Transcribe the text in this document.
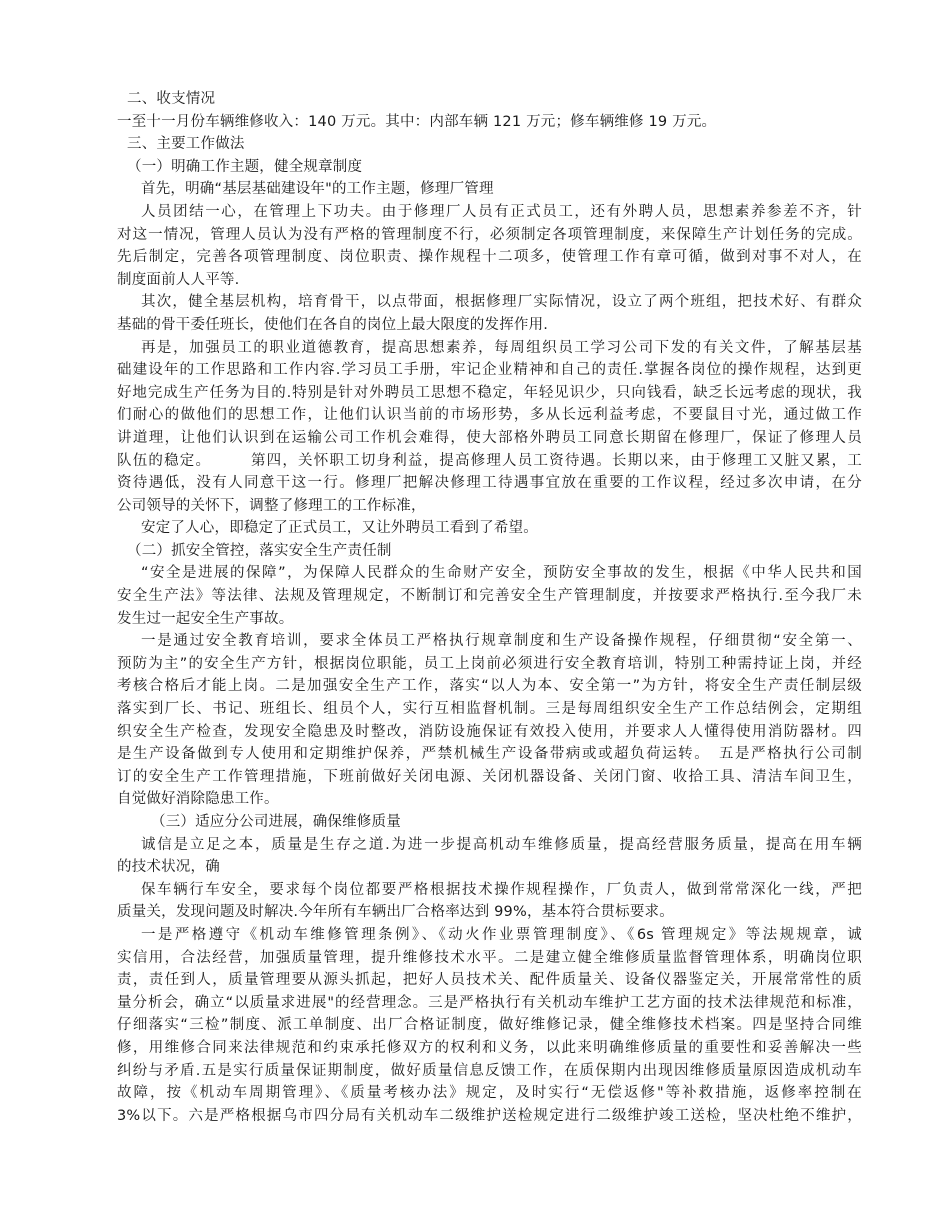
二、收支情况
一至十一月份车辆维修收入：140 万元。其中：内部车辆 121 万元；修车辆维修 19 万元。
三、主要工作做法
（一）明确工作主题，健全规章制度
首先，明确“基层基础建设年"的工作主题，修理厂管理
人员团结一心，在管理上下功夫。由于修理厂人员有正式员工，还有外聘人员，思想素养参差不齐，针
对这一情况，管理人员认为没有严格的管理制度不行，必须制定各项管理制度，来保障生产计划任务的完成。
先后制定，完善各项管理制度、岗位职责、操作规程十二项多，使管理工作有章可循，做到对事不对人，在
制度面前人人平等.
其次，健全基层机构，培育骨干，以点带面，根据修理厂实际情况，设立了两个班组，把技术好、有群众
基础的骨干委任班长，使他们在各自的岗位上最大限度的发挥作用.
再是，加强员工的职业道德教育，提高思想素养，每周组织员工学习公司下发的有关文件，了解基层基
础建设年的工作思路和工作内容.学习员工手册，牢记企业精神和自己的责任.掌握各岗位的操作规程，达到更
好地完成生产任务为目的.特别是针对外聘员工思想不稳定，年轻见识少，只向钱看，缺乏长远考虑的现状，我
们耐心的做他们的思想工作，让他们认识当前的市场形势，多从长远利益考虑，不要鼠目寸光，通过做工作
讲道理，让他们认识到在运输公司工作机会难得，使大部格外聘员工同意长期留在修理厂，保证了修理人员
队伍的稳定。　　　第四，关怀职工切身利益，提高修理人员工资待遇。长期以来，由于修理工又脏又累，工
资待遇低，没有人同意干这一行。修理厂把解决修理工待遇事宜放在重要的工作议程，经过多次申请，在分
公司领导的关怀下，调整了修理工的工作标准，
安定了人心，即稳定了正式员工，又让外聘员工看到了希望。
（二）抓安全管控，落实安全生产责任制
“安全是进展的保障”，为保障人民群众的生命财产安全，预防安全事故的发生，根据《中华人民共和国
安全生产法》等法律、法规及管理规定，不断制订和完善安全生产管理制度，并按要求严格执行.至今我厂未
发生过一起安全生产事故。
一是通过安全教育培训，要求全体员工严格执行规章制度和生产设备操作规程，仔细贯彻“安全第一、
预防为主”的安全生产方针，根据岗位职能，员工上岗前必须进行安全教育培训，特别工种需持证上岗，并经
考核合格后才能上岗。二是加强安全生产工作，落实“以人为本、安全第一”为方针，将安全生产责任制层级
落实到厂长、书记、班组长、组员个人，实行互相监督机制。三是每周组织安全生产工作总结例会，定期组
织安全生产检查，发现安全隐患及时整改，消防设施保证有效投入使用，并要求人人懂得使用消防器材。四
是生产设备做到专人使用和定期维护保养，严禁机械生产设备带病或或超负荷运转。　五是严格执行公司制
订的安全生产工作管理措施，下班前做好关闭电源、关闭机器设备、关闭门窗、收拾工具、清洁车间卫生，
自觉做好消除隐患工作。
（三）适应分公司进展，确保维修质量
诚信是立足之本，质量是生存之道.为进一步提高机动车维修质量，提高经营服务质量，提高在用车辆
的技术状况，确
保车辆行车安全，要求每个岗位都要严格根据技术操作规程操作，厂负责人，做到常常深化一线，严把
质量关，发现问题及时解决.今年所有车辆出厂合格率达到 99%，基本符合贯标要求。
一是严格遵守《机动车维修管理条例》、《动火作业票管理制度》、《6s 管理规定》等法规规章，诚
实信用，合法经营，加强质量管理，提升维修技术水平。二是建立健全维修质量监督管理体系，明确岗位职
责，责任到人，质量管理要从源头抓起，把好人员技术关、配件质量关、设备仪器鉴定关，开展常常性的质
量分析会，确立“以质量求进展"的经营理念。三是严格执行有关机动车维护工艺方面的技术法律规范和标准，
仔细落实“三检”制度、派工单制度、出厂合格证制度，做好维修记录，健全维修技术档案。四是坚持合同维
修，用维修合同来法律规范和约束承托修双方的权利和义务，以此来明确维修质量的重要性和妥善解决一些
纠纷与矛盾.五是实行质量保证期制度，做好质量信息反馈工作，在质保期内出现因维修质量原因造成机动车
故障，按《机动车周期管理》、《质量考核办法》规定，及时实行“无偿返修"等补救措施，返修率控制在
3%以下。六是严格根据乌市四分局有关机动车二级维护送检规定进行二级维护竣工送检，坚决杜绝不维护，
